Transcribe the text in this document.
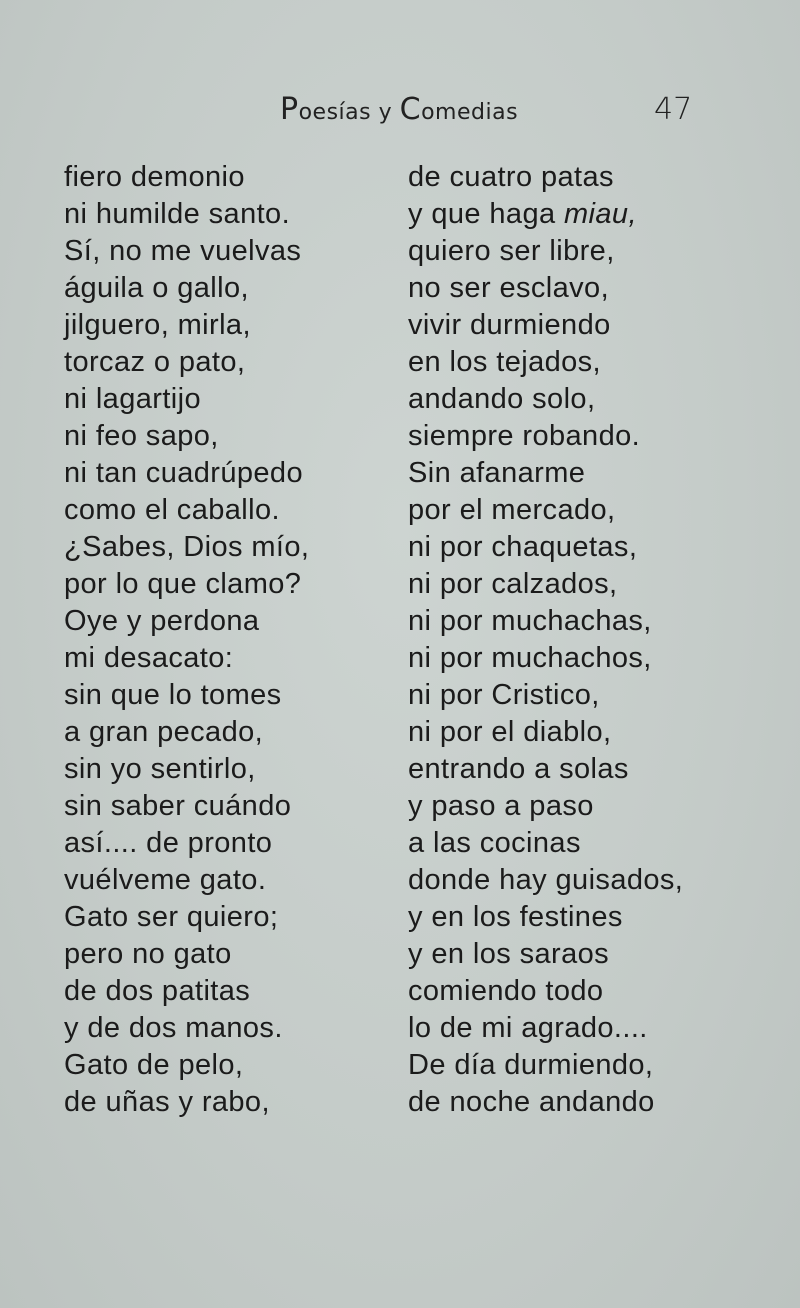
Poesías y Comedias	47
fiero demonio
ni humilde santo.
Sí, no me vuelvas
águila o gallo,
jilguero, mirla,
torcaz o pato,
ni lagartijo
ni feo sapo,
ni tan cuadrúpedo
como el caballo.
¿Sabes, Dios mío,
por lo que clamo?
Oye y perdona
mi desacato:
sin que lo tomes
a gran pecado,
sin yo sentirlo,
sin saber cuándo
así.... de pronto
vuélveme gato.
Gato ser quiero;
pero no gato
de dos patitas
y de dos manos.
Gato de pelo,
de uñas y rabo,
de cuatro patas
y que haga miau,
quiero ser libre,
no ser esclavo,
vivir durmiendo
en los tejados,
andando solo,
siempre robando.
Sin afanarme
por el mercado,
ni por chaquetas,
ni por calzados,
ni por muchachas,
ni por muchachos,
ni por Cristico,
ni por el diablo,
entrando a solas
y paso a paso
a las cocinas
donde hay guisados,
y en los festines
y en los saraos
comiendo todo
lo de mi agrado....
De día durmiendo,
de noche andando
